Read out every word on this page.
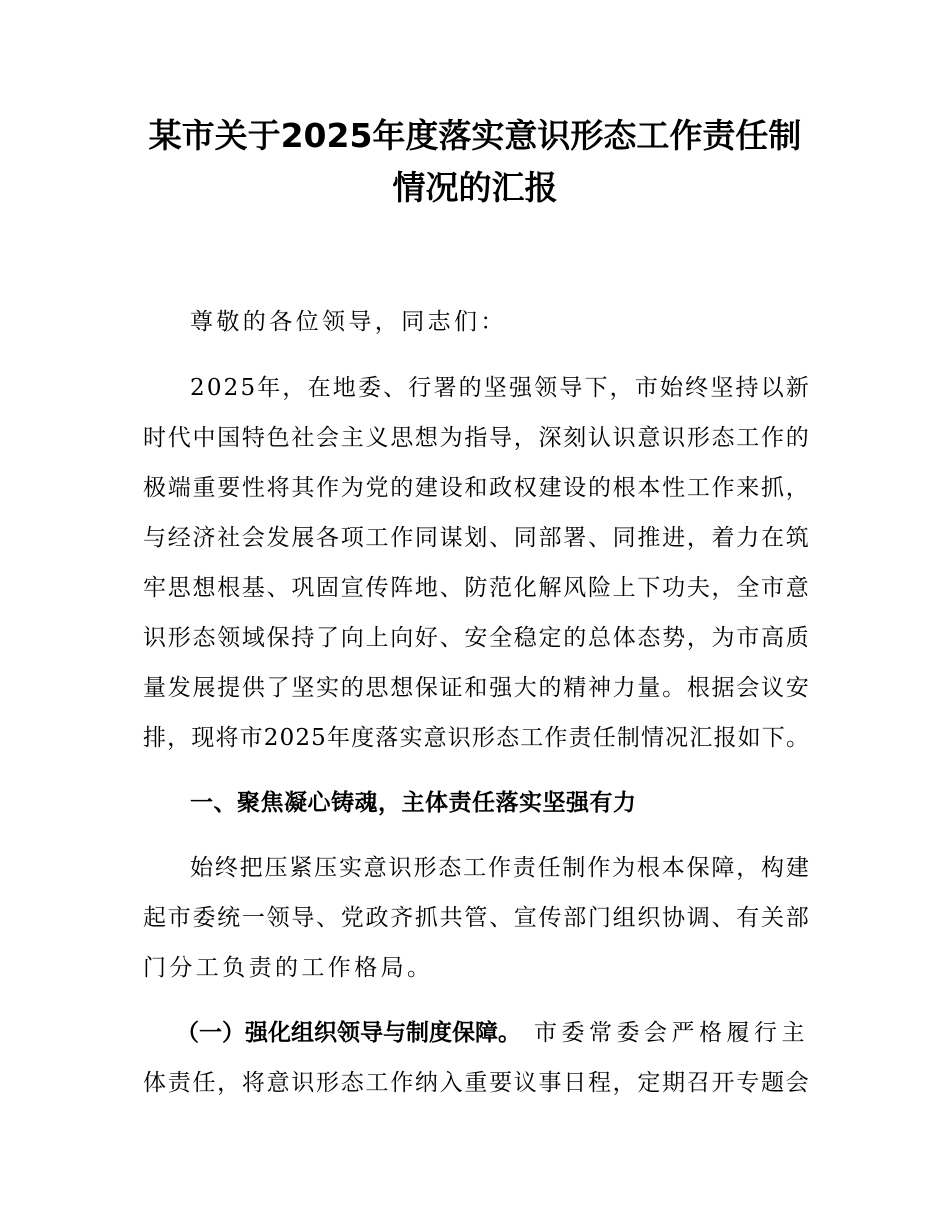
某市关于2025年度落实意识形态工作责任制
情况的汇报
尊敬的各位领导，同志们：
2 0 2 5 年 ， 在 地 委 、 行 署 的 坚 强 领 导 下 ， 市 始 终 坚 持 以 新
时 代 中 国 特 色 社 会 主 义 思 想 为 指 导 ， 深 刻 认 识 意 识 形 态 工 作 的
极 端 重 要 性 将 其 作 为 党 的 建 设 和 政 权 建 设 的 根 本 性 工 作 来 抓 ，
与 经 济 社 会 发 展 各 项 工 作 同 谋 划 、 同 部 署 、 同 推 进 ， 着 力 在 筑
牢 思 想 根 基 、 巩 固 宣 传 阵 地 、 防 范 化 解 风 险 上 下 功 夫 ， 全 市 意
识 形 态 领 域 保 持 了 向 上 向 好 、 安 全 稳 定 的 总 体 态 势 ， 为 市 高 质
量 发 展 提 供 了 坚 实 的 思 想 保 证 和 强 大 的 精 神 力 量 。 根 据 会 议 安
排 ， 现 将 市 2 0 2 5 年 度 落 实 意 识 形 态 工 作 责 任 制 情 况 汇 报 如 下 。
一、聚焦凝心铸魂，主体责任落实坚强有力
始 终 把 压 紧 压 实 意 识 形 态 工 作 责 任 制 作 为 根 本 保 障 ， 构 建
起 市 委 统 一 领 导 、 党 政 齐 抓 共 管 、 宣 传 部 门 组 织 协 调 、 有 关 部
门分工负责的工作格局。
（一）强化组织领导与制度保障。 市委常委会严格履行主
体 责 任 ， 将 意 识 形 态 工 作 纳 入 重 要 议 事 日 程 ， 定 期 召 开 专 题 会
